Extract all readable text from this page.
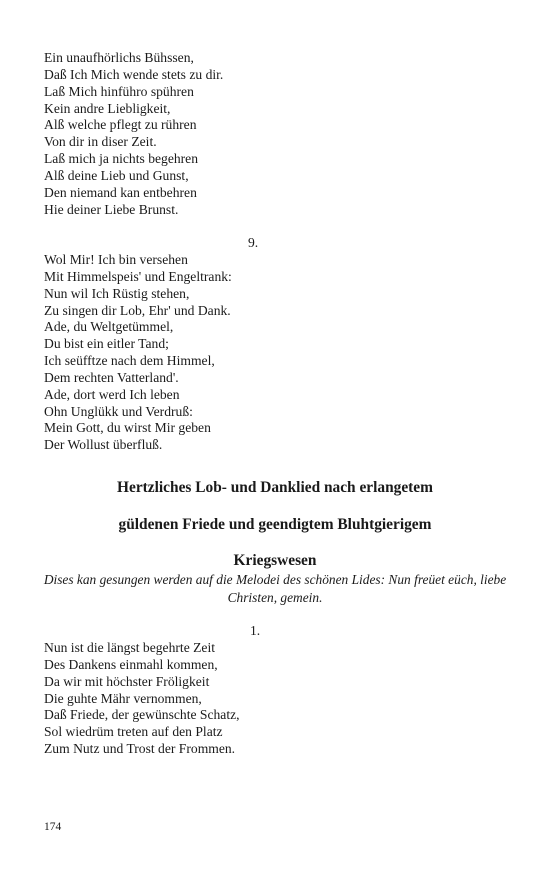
Ein unaufhörlichs Bühssen,
Daß Ich Mich wende stets zu dir.
Laß Mich hinführo spühren
Kein andre Liebligkeit,
Alß welche pflegt zu rühren
Von dir in diser Zeit.
Laß mich ja nichts begehren
Alß deine Lieb und Gunst,
Den niemand kan entbehren
Hie deiner Liebe Brunst.
9.
Wol Mir! Ich bin versehen
Mit Himmelspeis' und Engeltrank:
Nun wil Ich Rüstig stehen,
Zu singen dir Lob, Ehr' und Dank.
Ade, du Weltgetümmel,
Du bist ein eitler Tand;
Ich seüfftze nach dem Himmel,
Dem rechten Vatterland'.
Ade, dort werd Ich leben
Ohn Unglükk und Verdruß:
Mein Gott, du wirst Mir geben
Der Wollust überfluß.
Hertzliches Lob- und Danklied nach erlangetem
güldenen Friede und geendigtem Bluhtgierigem
Kriegswesen
Dises kan gesungen werden auf die Melodei des schönen Lides: Nun freüet eüch, liebe Christen, gemein.
1.
Nun ist die längst begehrte Zeit
Des Dankens einmahl kommen,
Da wir mit höchster Fröligkeit
Die guhte Mähr vernommen,
Daß Friede, der gewünschte Schatz,
Sol wiedrüm treten auf den Platz
Zum Nutz und Trost der Frommen.
174
